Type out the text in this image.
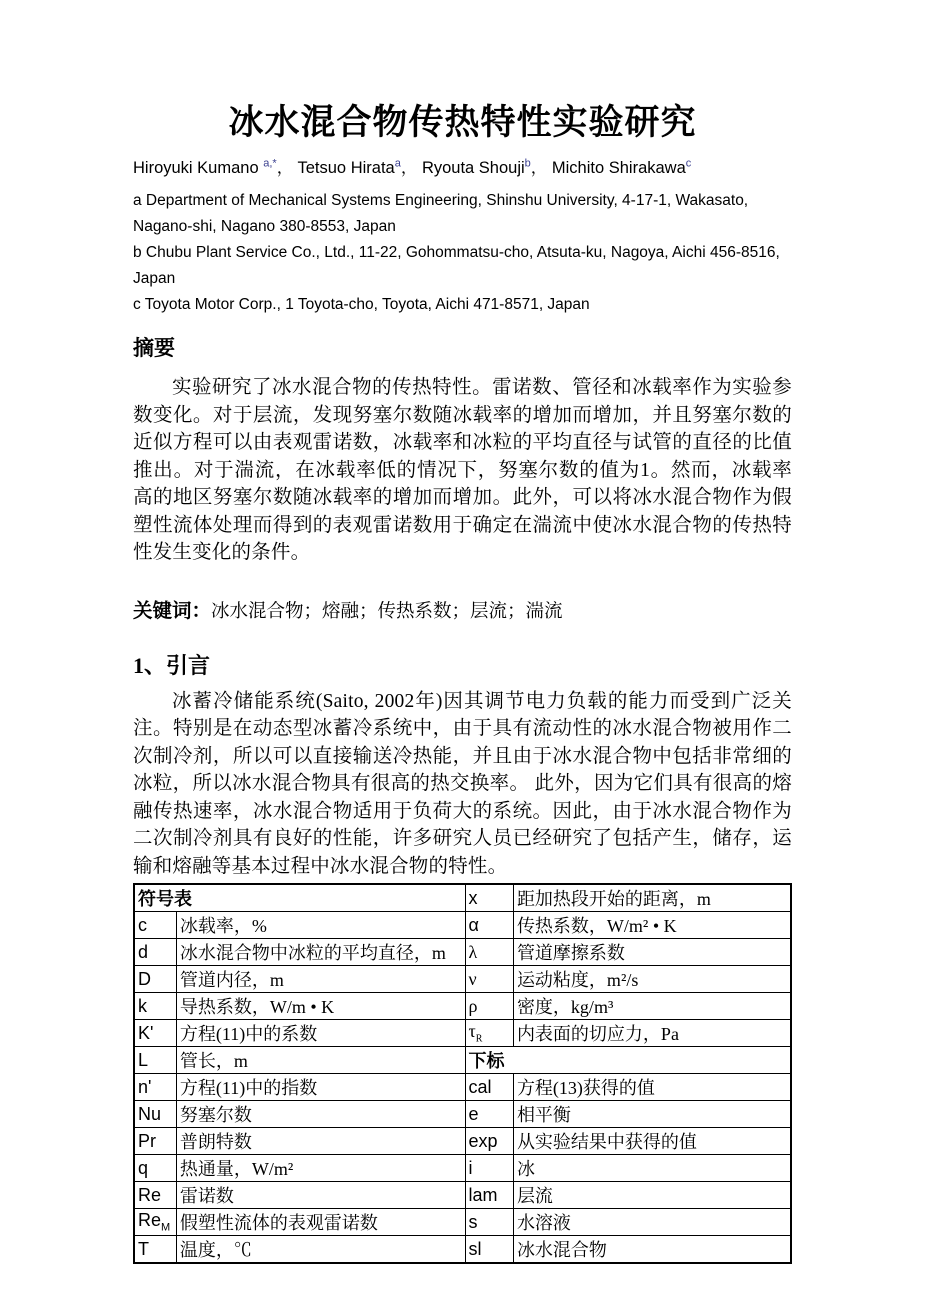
冰水混合物传热特性实验研究

Hiroyuki Kumano $^{a,*}$， Tetsuo Hirata$^a$， Ryouta Shouji$^b$， Michito Shirakawa$^c$

a Department of Mechanical Systems Engineering, Shinshu University, 4-17-1, Wakasato, Nagano-shi, Nagano 380-8553, Japan

b Chubu Plant Service Co., Ltd., 11-22, Gohommatsu-cho, Atsuta-ku, Nagoya, Aichi 456-8516, Japan

c Toyota Motor Corp., 1 Toyota-cho, Toyota, Aichi 471-8571, Japan

摘要

实验研究了冰水混合物的传热特性。雷诺数、管径和冰载率作为实验参数变化。对于层流，发现努塞尔数随冰载率的增加而增加，并且努塞尔数的近似方程可以由表观雷诺数，冰载率和冰粒的平均直径与试管的直径的比值推出。对于湍流，在冰载率低的情况下，努塞尔数的值为1。然而，冰载率高的地区努塞尔数随冰载率的增加而增加。此外，可以将冰水混合物作为假塑性流体处理而得到的表观雷诺数用于确定在湍流中使冰水混合物的传热特性发生变化的条件。

关键词：冰水混合物；熔融；传热系数；层流；湍流

1、引言

冰蓄冷储能系统(Saito, 2002年)因其调节电力负载的能力而受到广泛关注。特别是在动态型冰蓄冷系统中，由于具有流动性的冰水混合物被用作二次制冷剂，所以可以直接输送冷热能，并且由于冰水混合物中包括非常细的冰粒，所以冰水混合物具有很高的热交换率。 此外，因为它们具有很高的熔融传热速率，冰水混合物适用于负荷大的系统。因此，由于冰水混合物作为二次制冷剂具有良好的性能，许多研究人员已经研究了包括产生，储存，运输和熔融等基本过程中冰水混合物的特性。

符号表		x	距加热段开始的距离，m
c	冰载率，%	α	传热系数，W/m² • K
d	冰水混合物中冰粒的平均直径，m	λ	管道摩擦系数
D	管道内径，m	ν	运动粘度，m²/s
k	导热系数，W/m • K	ρ	密度，kg/m³
K'	方程(11)中的系数	$\tau_R$	内表面的切应力，Pa
L	管长，m	下标	
n'	方程(11)中的指数	cal	方程(13)获得的值
Nu	努塞尔数	e	相平衡
Pr	普朗特数	exp	从实验结果中获得的值
q	热通量，W/m²	i	冰
Re	雷诺数	lam	层流
$Re_M$	假塑性流体的表观雷诺数	s	水溶液
T	温度，℃	sl	冰水混合物
